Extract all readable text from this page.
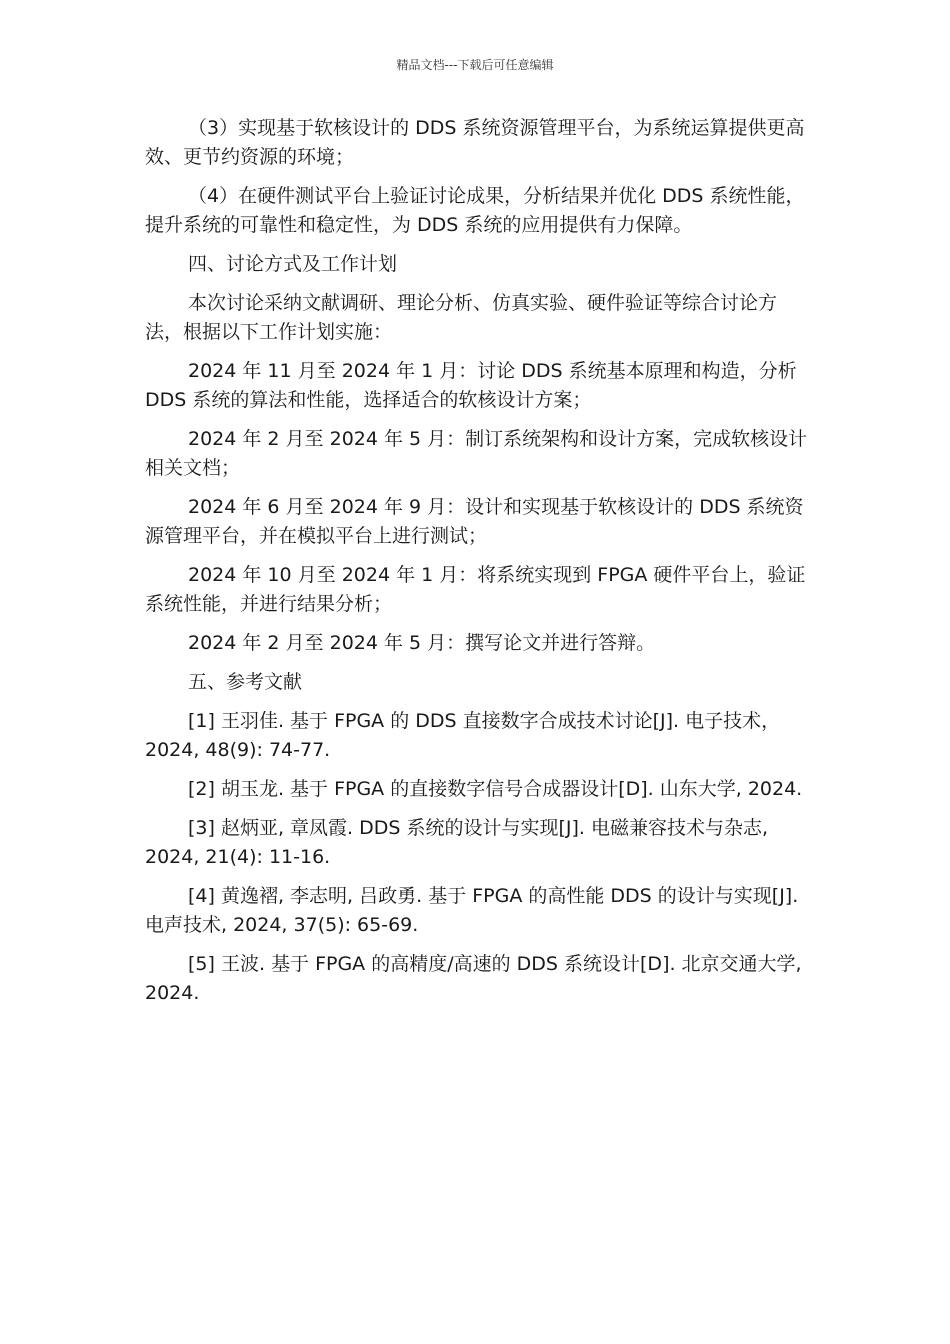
精品文档---下载后可任意编辑

（3）实现基于软核设计的 DDS 系统资源管理平台，为系统运算提供更高效、更节约资源的环境；

（4）在硬件测试平台上验证讨论成果，分析结果并优化 DDS 系统性能，提升系统的可靠性和稳定性，为 DDS 系统的应用提供有力保障。

四、讨论方式及工作计划

本次讨论采纳文献调研、理论分析、仿真实验、硬件验证等综合讨论方法，根据以下工作计划实施：

2024 年 11 月至 2024 年 1 月：讨论 DDS 系统基本原理和构造，分析 DDS 系统的算法和性能，选择适合的软核设计方案；

2024 年 2 月至 2024 年 5 月：制订系统架构和设计方案，完成软核设计相关文档；

2024 年 6 月至 2024 年 9 月：设计和实现基于软核设计的 DDS 系统资源管理平台，并在模拟平台上进行测试；

2024 年 10 月至 2024 年 1 月：将系统实现到 FPGA 硬件平台上，验证系统性能，并进行结果分析；

2024 年 2 月至 2024 年 5 月：撰写论文并进行答辩。

五、参考文献

[1] 王羽佳. 基于 FPGA 的 DDS 直接数字合成技术讨论[J]. 电子技术， 2024, 48(9): 74-77.

[2] 胡玉龙. 基于 FPGA 的直接数字信号合成器设计[D]. 山东大学, 2024.

[3] 赵炳亚, 章凤霞. DDS 系统的设计与实现[J]. 电磁兼容技术与杂志, 2024, 21(4): 11-16.

[4] 黄逸褶, 李志明, 吕政勇. 基于 FPGA 的高性能 DDS 的设计与实现[J]. 电声技术, 2024, 37(5): 65-69.

[5] 王波. 基于 FPGA 的高精度/高速的 DDS 系统设计[D]. 北京交通大学, 2024.
